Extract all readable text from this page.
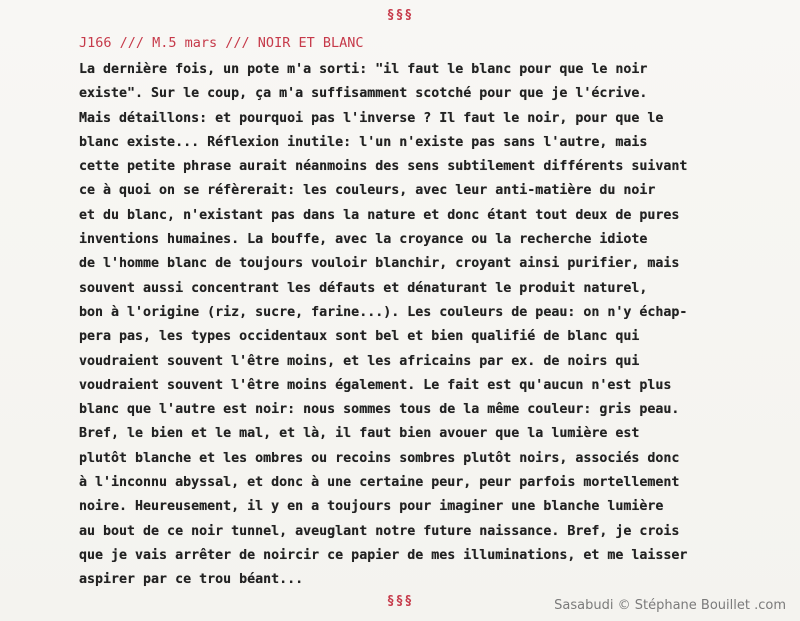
§§§
J166 /// M.5 mars /// NOIR ET BLANC
La dernière fois, un pote m'a sorti: "il faut le blanc pour que le noir
existe". Sur le coup, ça m'a suffisamment scotché pour que je l'écrive.
Mais détaillons: et pourquoi pas l'inverse ? Il faut le noir, pour que le
blanc existe... Réflexion inutile: l'un n'existe pas sans l'autre, mais
cette petite phrase aurait néanmoins des sens subtilement différents suivant
ce à quoi on se réfèrerait: les couleurs, avec leur anti-matière du noir
et du blanc, n'existant pas dans la nature et donc étant tout deux de pures
inventions humaines. La bouffe, avec la croyance ou la recherche idiote
de l'homme blanc de toujours vouloir blanchir, croyant ainsi purifier, mais
souvent aussi concentrant les défauts et dénaturant le produit naturel,
bon à l'origine (riz, sucre, farine...). Les couleurs de peau: on n'y échap-
pera pas, les types occidentaux sont bel et bien qualifié de blanc qui
voudraient souvent l'être moins, et les africains par ex. de noirs qui
voudraient souvent l'être moins également. Le fait est qu'aucun n'est plus
blanc que l'autre est noir: nous sommes tous de la même couleur: gris peau.
Bref, le bien et le mal, et là, il faut bien avouer que la lumière est
plutôt blanche et les ombres ou recoins sombres plutôt noirs, associés donc
à l'inconnu abyssal, et donc à une certaine peur, peur parfois mortellement
noire. Heureusement, il y en a toujours pour imaginer une blanche lumière
au bout de ce noir tunnel, aveuglant notre future naissance. Bref, je crois
que je vais arrêter de noircir ce papier de mes illuminations, et me laisser
aspirer par ce trou béant...
§§§	Sasabudi © Stéphane Bouillet .com
